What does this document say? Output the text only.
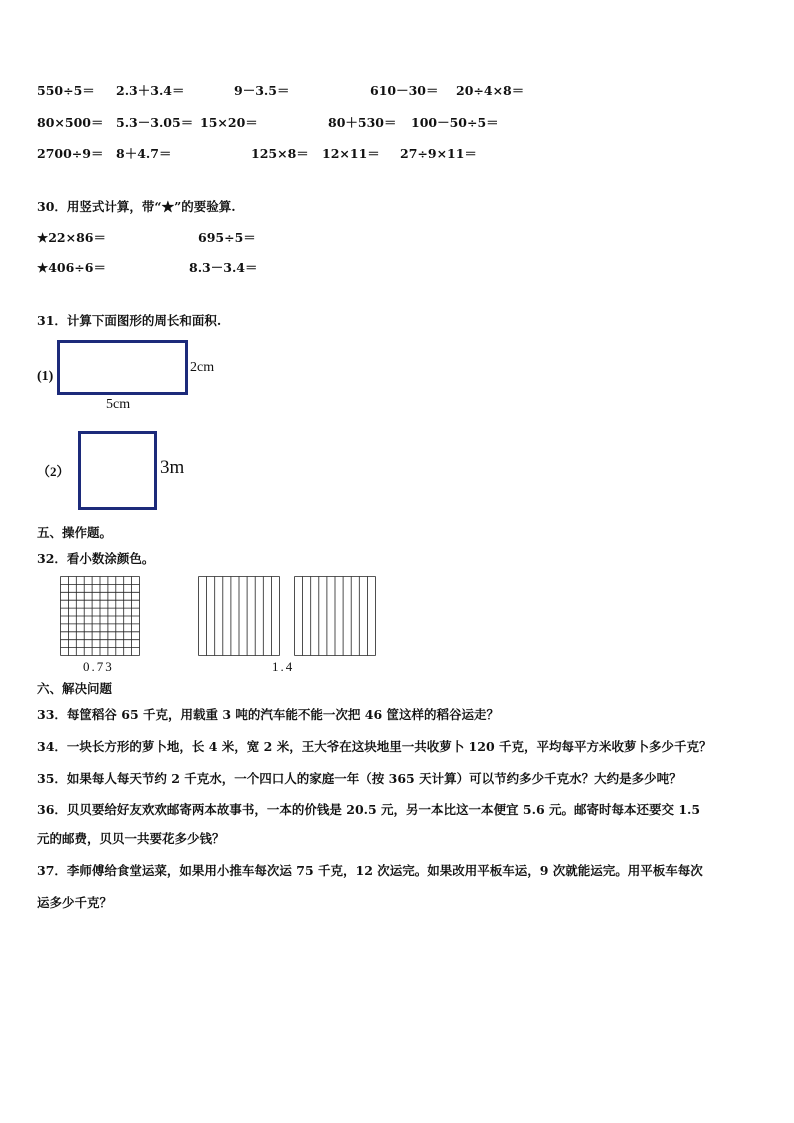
550÷5＝ 2.3＋3.4＝	9－3.5＝	610－30＝ 20÷4×8＝
80×500＝ 5.3－3.05＝ 15×20＝	80＋530＝ 100－50÷5＝
2700÷9＝ 8＋4.7＝	125×8＝ 12×11＝ 27÷9×11＝
30．用竖式计算，带“★”的要验算.
★22×86＝	695÷5＝
★406÷6＝	8.3－3.4＝
31．计算下面图形的周长和面积.
(1)
2cm
5cm
（2）	3m
五、操作题。
32．看小数涂颜色。
0.73	1.4
六、解决问题
33．每筐稻谷 65 千克，用载重 3 吨的汽车能不能一次把 46 筐这样的稻谷运走？
34．一块长方形的萝卜地，长 4 米，宽 2 米，王大爷在这块地里一共收萝卜 120 千克，平均每平方米收萝卜多少千克？
35．如果每人每天节约 2 千克水，一个四口人的家庭一年（按 365 天计算）可以节约多少千克水？大约是多少吨？
36．贝贝要给好友欢欢邮寄两本故事书，一本的价钱是 20.5 元，另一本比这一本便宜 5.6 元。邮寄时每本还要交 1.5
元的邮费，贝贝一共要花多少钱？
37．李师傅给食堂运菜，如果用小推车每次运 75 千克，12 次运完。如果改用平板车运，9 次就能运完。用平板车每次
运多少千克？
